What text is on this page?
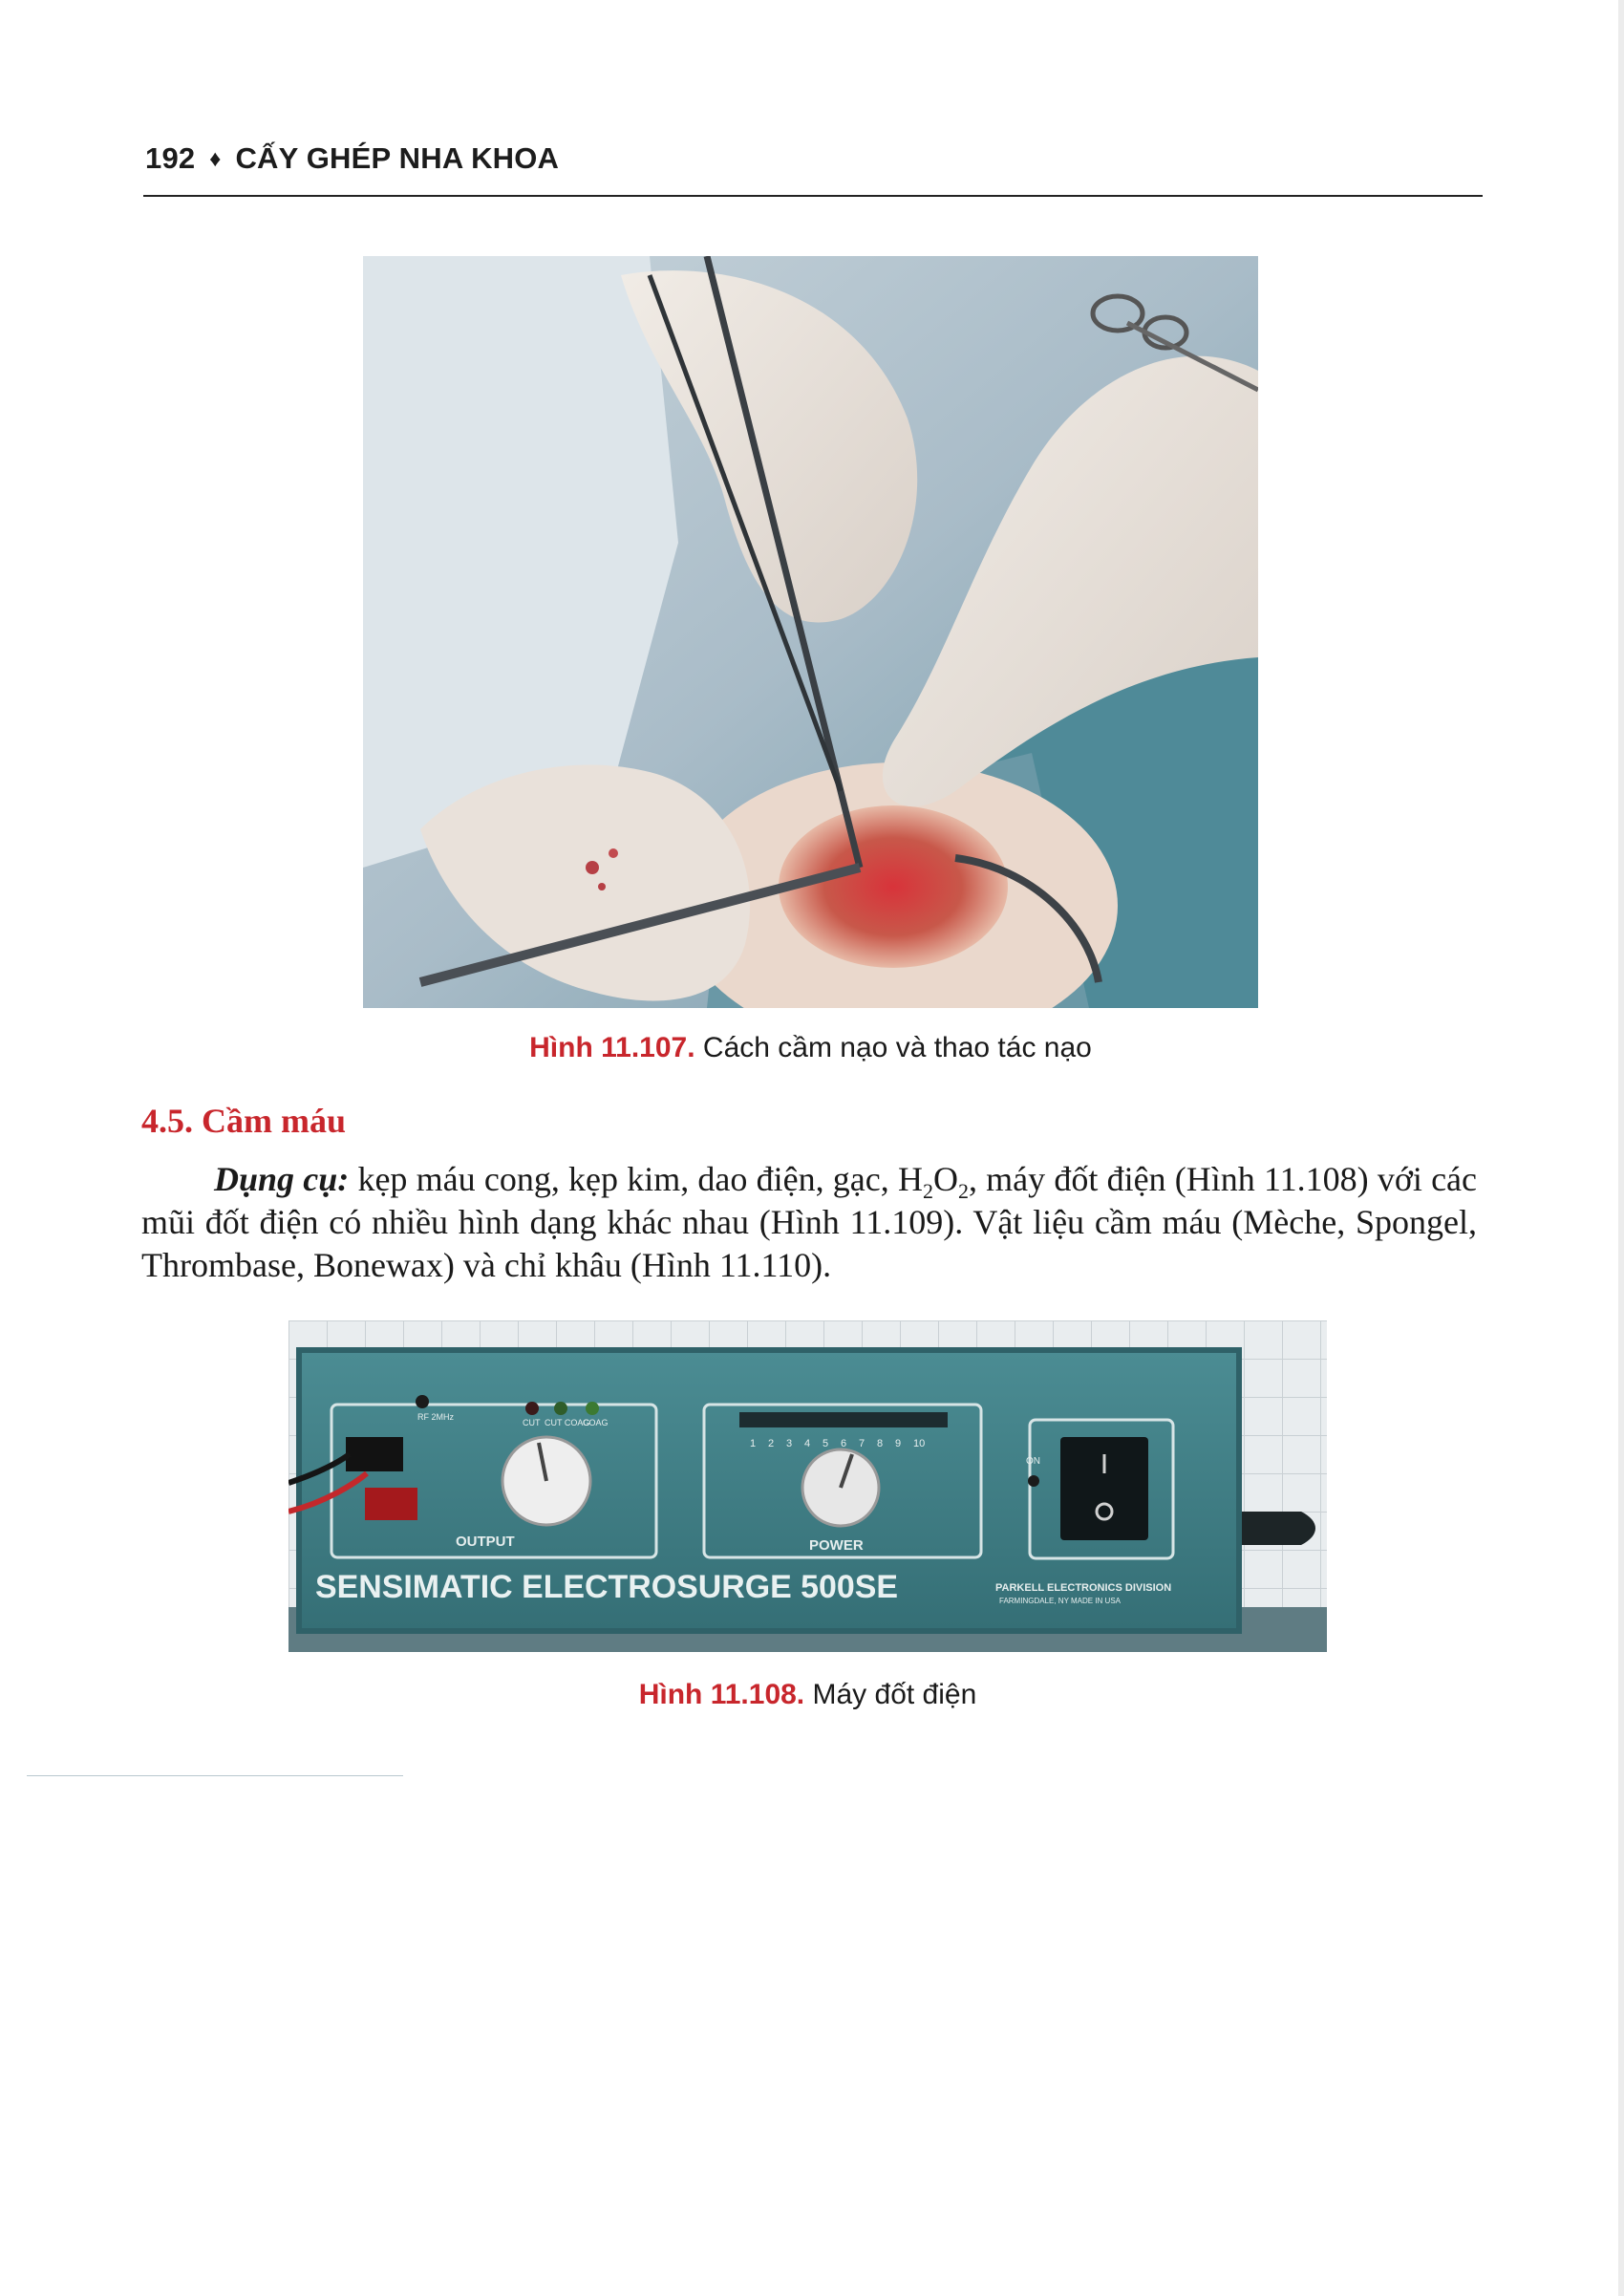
192 ♦ CẤY GHÉP NHA KHOA
Hình 11.107. Cách cầm nạo và thao tác nạo
4.5. Cầm máu
Dụng cụ: kẹp máu cong, kẹp kim, dao điện, gạc, $H_2O_2$, máy đốt điện (Hình 11.108) với các mũi đốt điện có nhiều hình dạng khác nhau (Hình 11.109). Vật liệu cầm máu (Mèche, Spongel, Thrombase, Bonewax) và chỉ khâu (Hình 11.110).
RF 2MHz
CUT CUT COAG
COAG
1 2 3 4 5 6 7 8 9 10
ON
OUTPUT	POWER
SENSIMATIC ELECTROSURGE 500SE	PARKELL ELECTRONICS DIVISION
FARMINGDALE, NY MADE IN USA
Hình 11.108. Máy đốt điện
